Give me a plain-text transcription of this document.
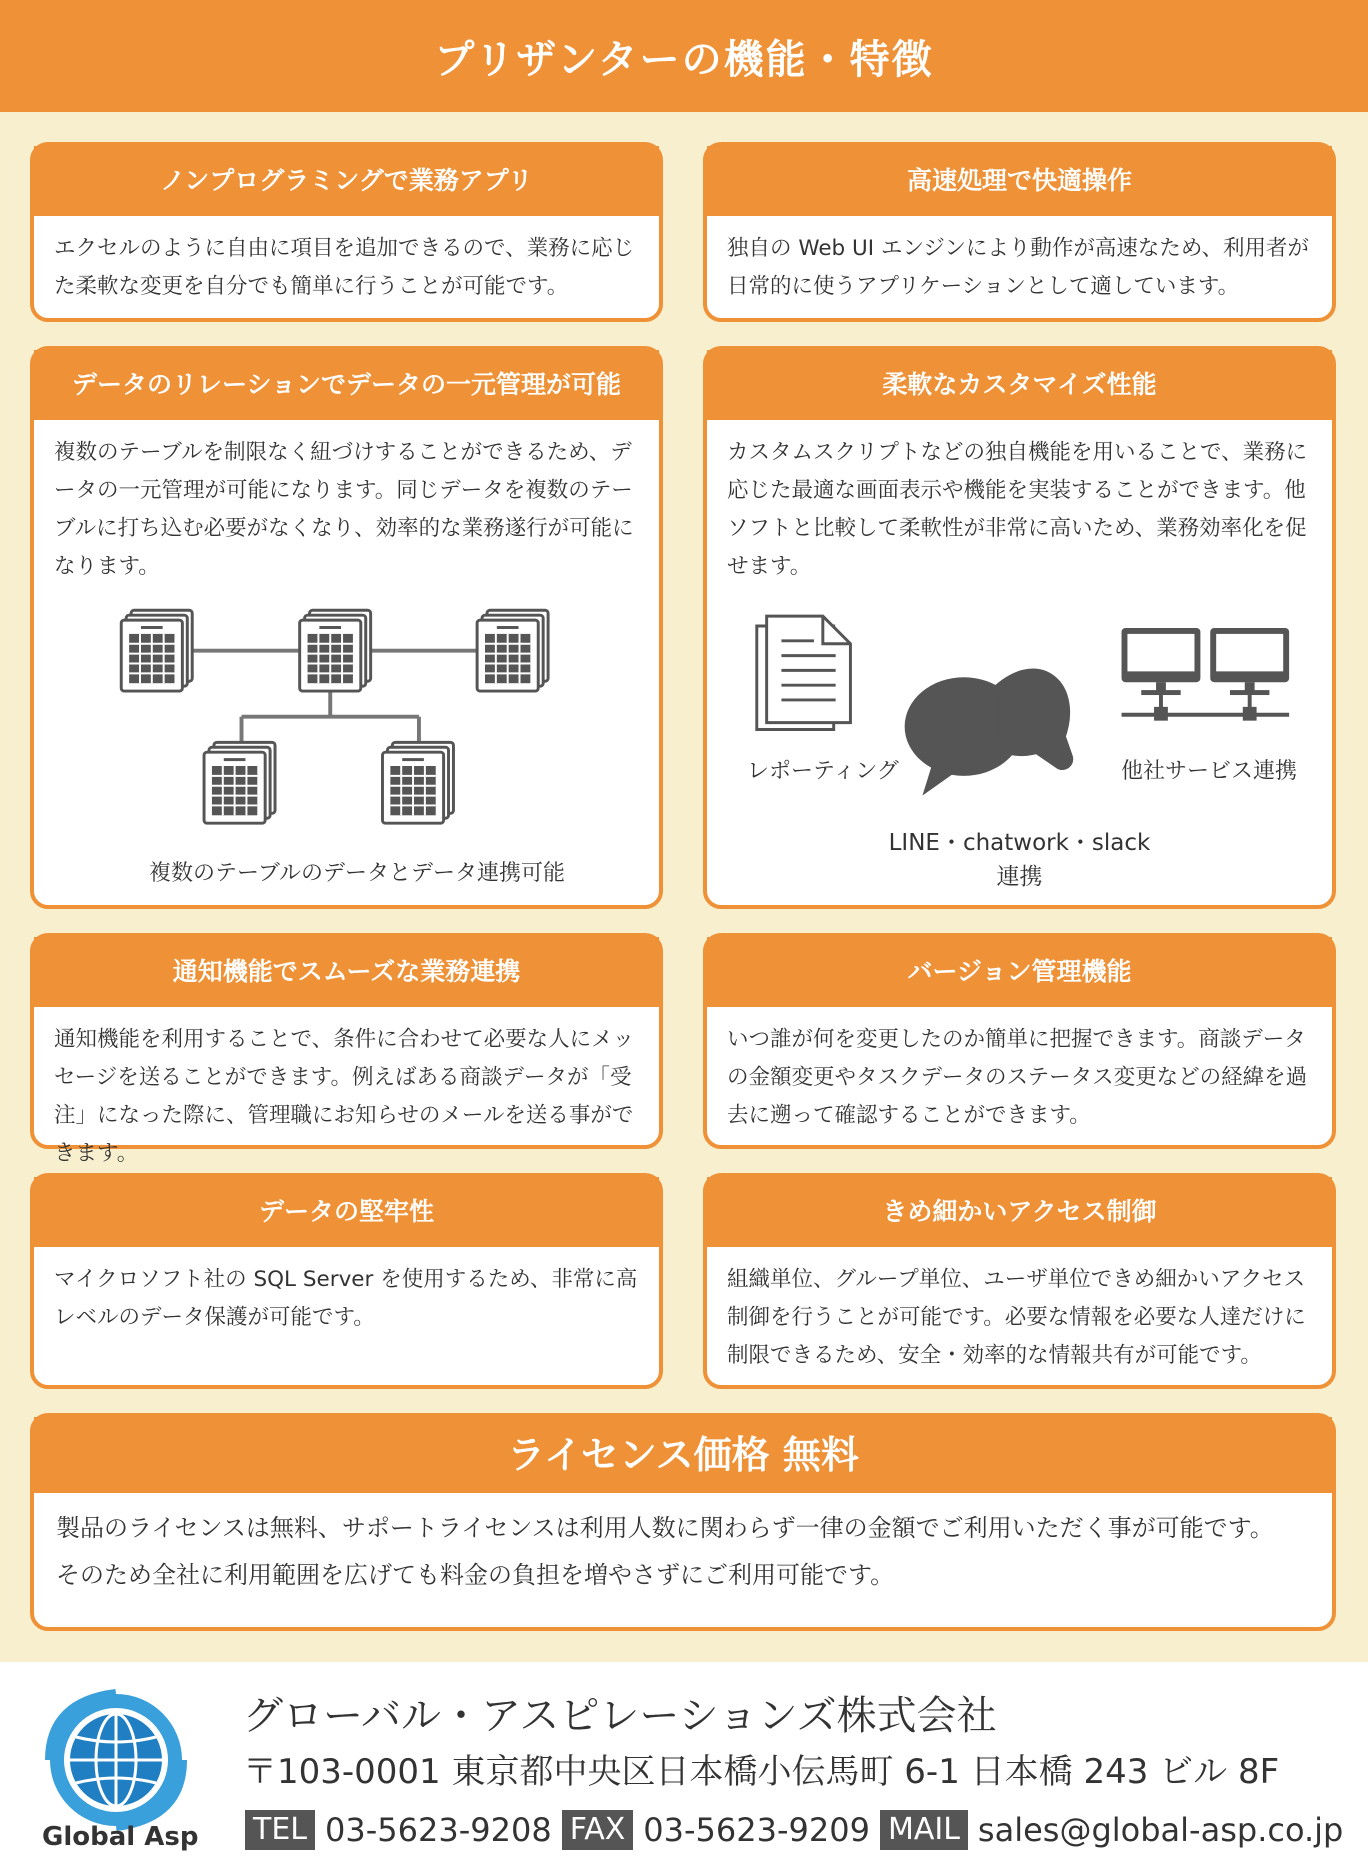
プリザンターの機能・特徴
ノンプログラミングで業務アプリ
エクセルのように自由に項目を追加できるので、業務に応じた柔軟な変更を自分でも簡単に行うことが可能です。
高速処理で快適操作
独自の Web UI エンジンにより動作が高速なため、利用者が日常的に使うアプリケーションとして適しています。
データのリレーションでデータの一元管理が可能
複数のテーブルを制限なく紐づけすることができるため、データの一元管理が可能になります。同じデータを複数のテーブルに打ち込む必要がなくなり、効率的な業務遂行が可能になります。
複数のテーブルのデータとデータ連携可能
柔軟なカスタマイズ性能
カスタムスクリプトなどの独自機能を用いることで、業務に応じた最適な画面表示や機能を実装することができます。他ソフトと比較して柔軟性が非常に高いため、業務効率化を促せます。
レポーティング	他社サービス連携
LINE・chatwork・slack
連携
通知機能でスムーズな業務連携
通知機能を利用することで、条件に合わせて必要な人にメッセージを送ることができます。例えばある商談データが「受注」になった際に、管理職にお知らせのメールを送る事ができます。
バージョン管理機能
いつ誰が何を変更したのか簡単に把握できます。商談データの金額変更やタスクデータのステータス変更などの経緯を過去に遡って確認することができます。
データの堅牢性
マイクロソフト社の SQL Server を使用するため、非常に高レベルのデータ保護が可能です。
きめ細かいアクセス制御
組織単位、グループ単位、ユーザ単位できめ細かいアクセス制御を行うことが可能です。必要な情報を必要な人達だけに制限できるため、安全・効率的な情報共有が可能です。
ライセンス価格 無料
製品のライセンスは無料、サポートライセンスは利用人数に関わらず一律の金額でご利用いただく事が可能です。
そのため全社に利用範囲を広げても料金の負担を増やさずにご利用可能です。
Global Asp
グローバル・アスピレーションズ株式会社
〒103-0001 東京都中央区日本橋小伝馬町 6-1 日本橋 243 ビル 8F
TEL 03-5623-9208 FAX 03-5623-9209 MAIL sales@global-asp.co.jp
